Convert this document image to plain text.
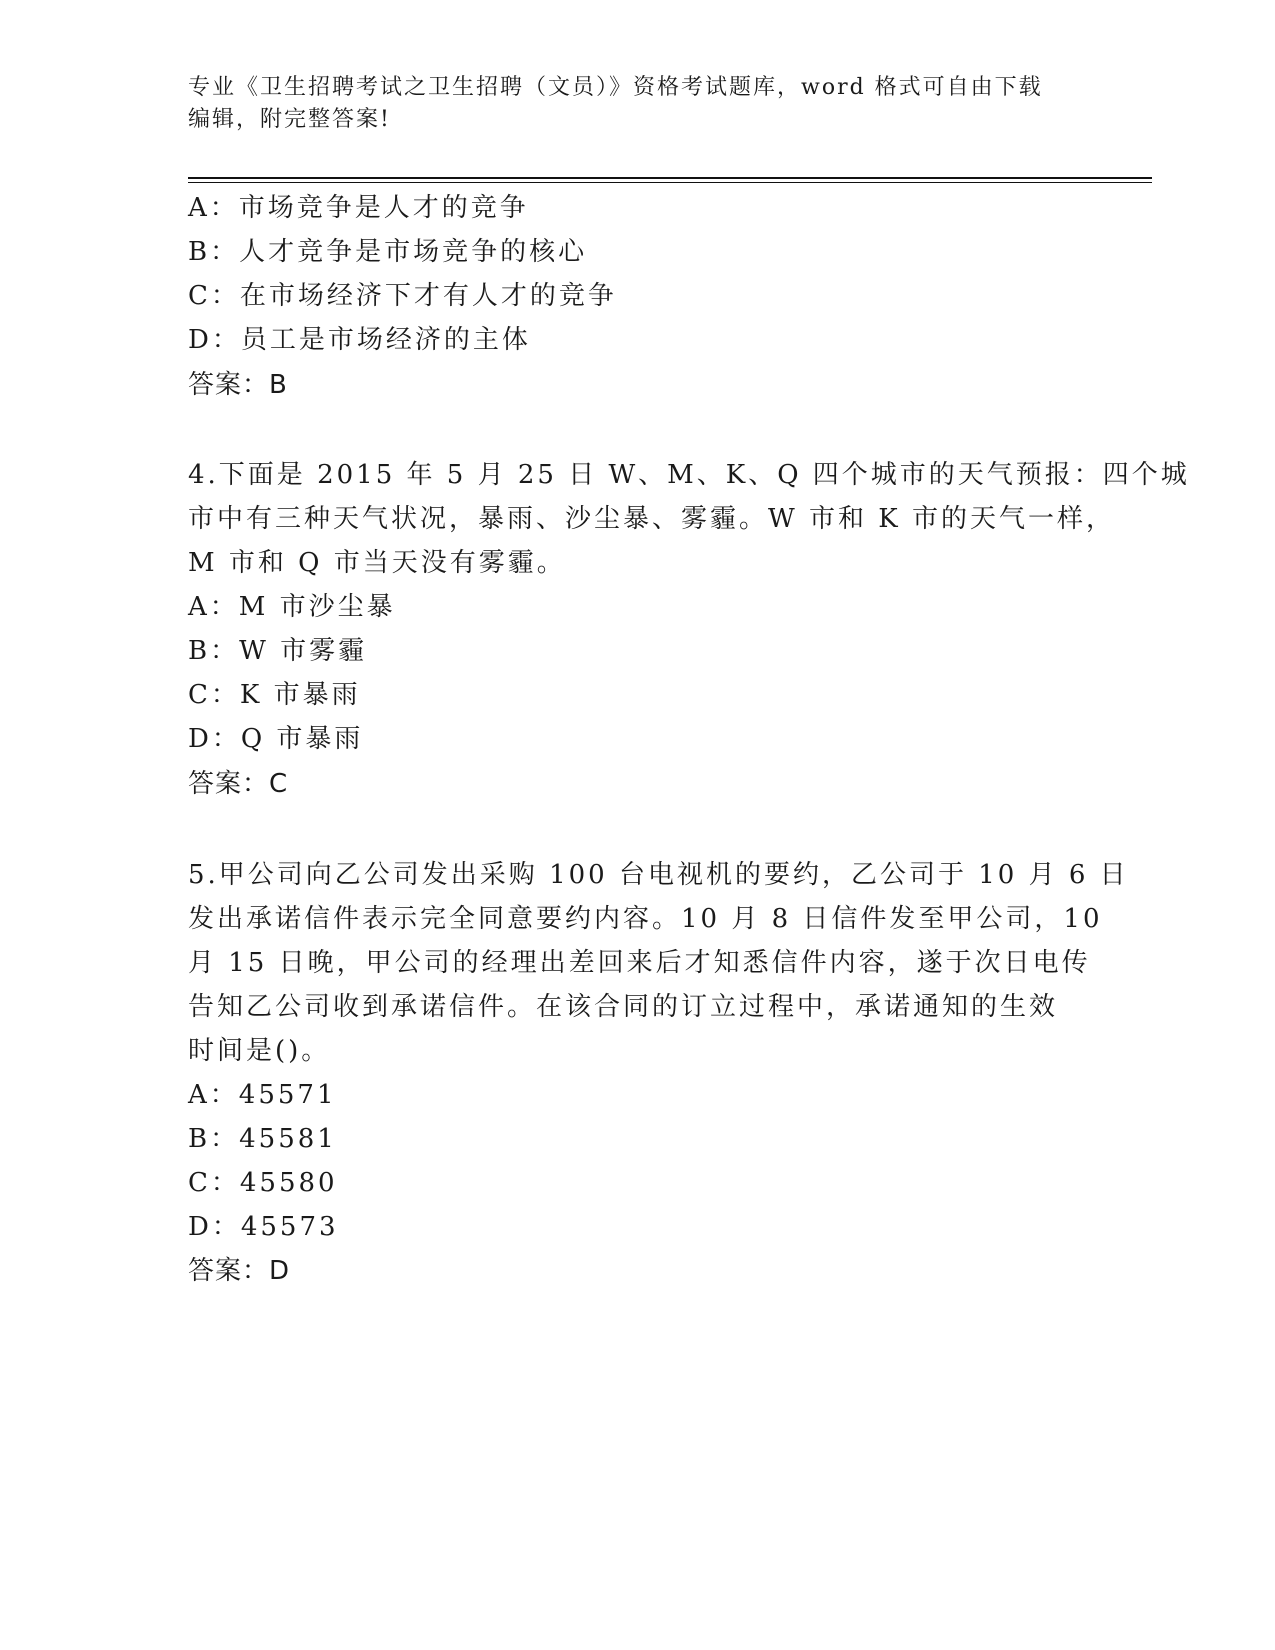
专业《卫生招聘考试之卫生招聘（文员）》资格考试题库，word 格式可自由下载
编辑，附完整答案!
A：市场竞争是人才的竞争
B：人才竞争是市场竞争的核心
C：在市场经济下才有人才的竞争
D：员工是市场经济的主体
答案：B
4.下面是 2015 年 5 月 25 日 W、M、K、Q 四个城市的天气预报：四个城
市中有三种天气状况，暴雨、沙尘暴、雾霾。W 市和 K 市的天气一样，
M 市和 Q 市当天没有雾霾。
A：M 市沙尘暴
B：W 市雾霾
C：K 市暴雨
D：Q 市暴雨
答案：C
5.甲公司向乙公司发出采购 100 台电视机的要约，乙公司于 10 月 6 日
发出承诺信件表示完全同意要约内容。10 月 8 日信件发至甲公司，10
月 15 日晚，甲公司的经理出差回来后才知悉信件内容，遂于次日电传
告知乙公司收到承诺信件。在该合同的订立过程中，承诺通知的生效
时间是()。
A：45571
B：45581
C：45580
D：45573
答案：D
